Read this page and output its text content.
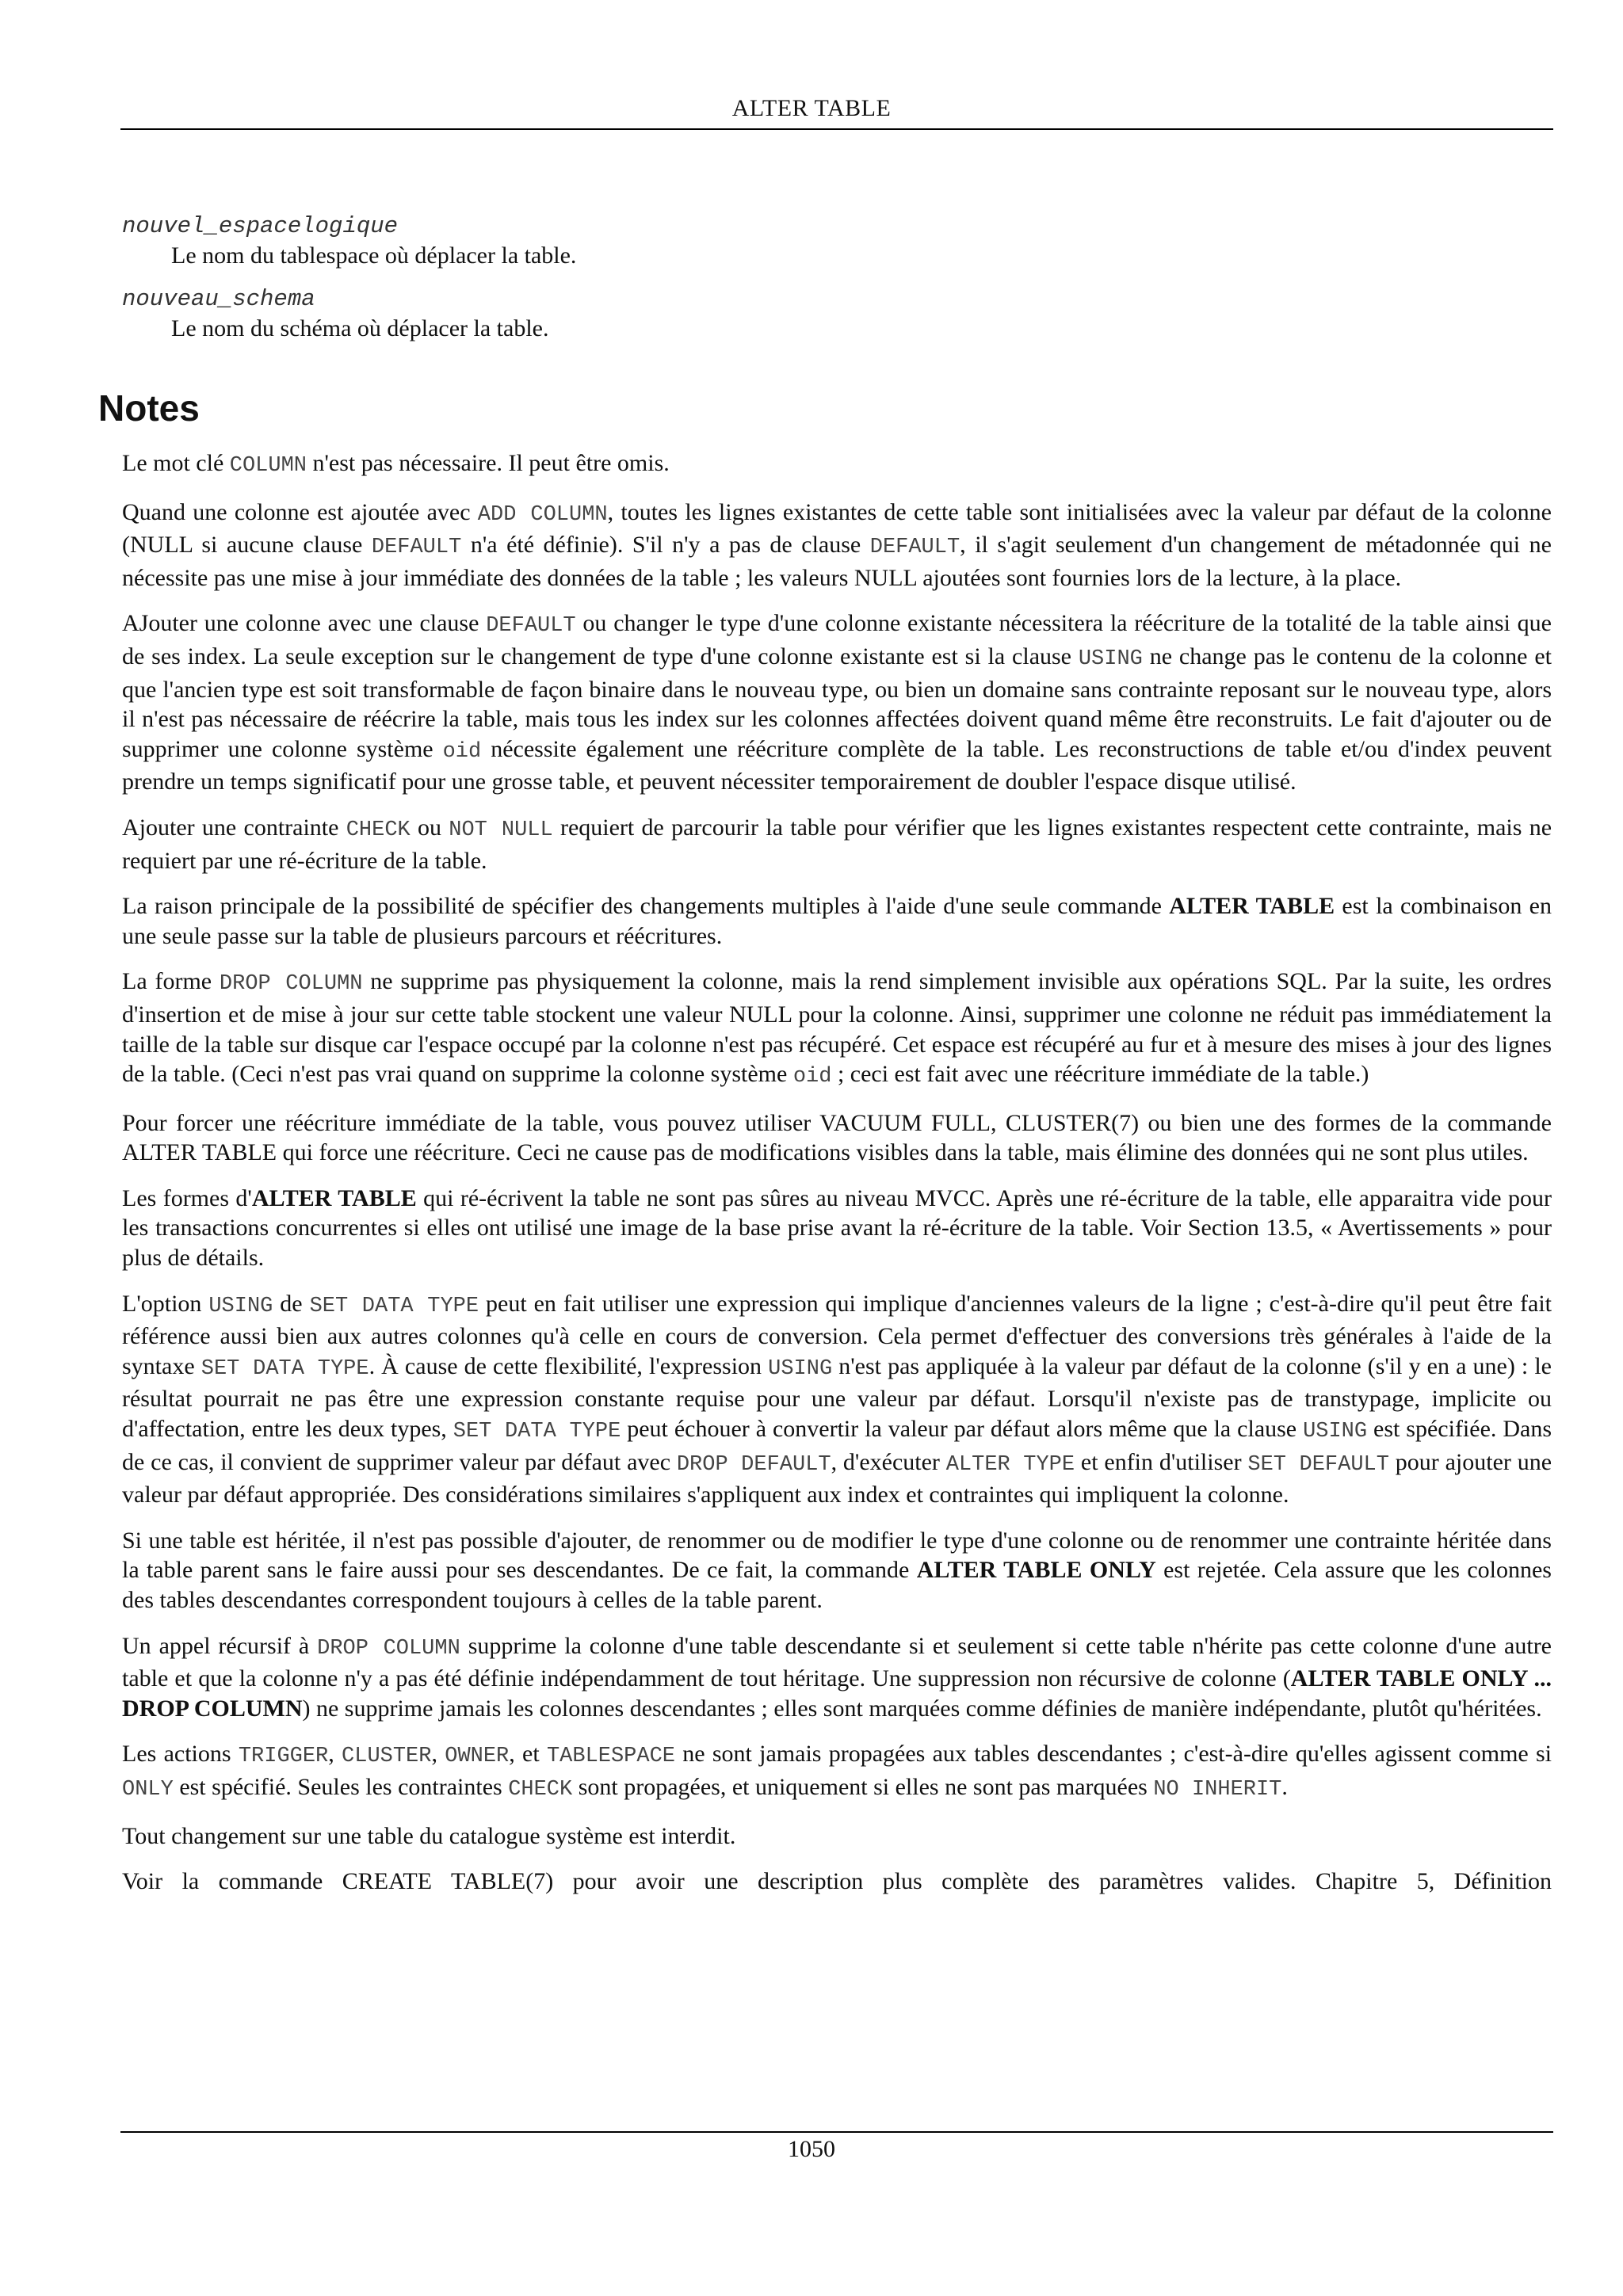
ALTER TABLE
nouvel_espacelogique
Le nom du tablespace où déplacer la table.
nouveau_schema
Le nom du schéma où déplacer la table.
Notes

Le mot clé COLUMN n'est pas nécessaire. Il peut être omis.

Quand une colonne est ajoutée avec ADD COLUMN, toutes les lignes existantes de cette table sont initialisées avec la valeur par défaut de la colonne (NULL si aucune clause DEFAULT n'a été définie). S'il n'y a pas de clause DEFAULT, il s'agit seulement d'un changement de métadonnée qui ne nécessite pas une mise à jour immédiate des données de la table ; les valeurs NULL ajoutées sont fournies lors de la lecture, à la place.

AJouter une colonne avec une clause DEFAULT ou changer le type d'une colonne existante nécessitera la réécriture de la totalité de la table ainsi que de ses index. La seule exception sur le changement de type d'une colonne existante est si la clause USING ne change pas le contenu de la colonne et que l'ancien type est soit transformable de façon binaire dans le nouveau type, ou bien un domaine sans contrainte reposant sur le nouveau type, alors il n'est pas nécessaire de réécrire la table, mais tous les index sur les colonnes affectées doivent quand même être reconstruits. Le fait d'ajouter ou de supprimer une colonne système oid nécessite également une réécriture complète de la table. Les reconstructions de table et/ou d'index peuvent prendre un temps significatif pour une grosse table, et peuvent nécessiter temporairement de doubler l'espace disque utilisé.

Ajouter une contrainte CHECK ou NOT NULL requiert de parcourir la table pour vérifier que les lignes existantes respectent cette contrainte, mais ne requiert par une ré-écriture de la table.

La raison principale de la possibilité de spécifier des changements multiples à l'aide d'une seule commande ALTER TABLE est la combinaison en une seule passe sur la table de plusieurs parcours et réécritures.

La forme DROP COLUMN ne supprime pas physiquement la colonne, mais la rend simplement invisible aux opérations SQL. Par la suite, les ordres d'insertion et de mise à jour sur cette table stockent une valeur NULL pour la colonne. Ainsi, supprimer une colonne ne réduit pas immédiatement la taille de la table sur disque car l'espace occupé par la colonne n'est pas récupéré. Cet espace est récupéré au fur et à mesure des mises à jour des lignes de la table. (Ceci n'est pas vrai quand on supprime la colonne système oid ; ceci est fait avec une réécriture immédiate de la table.)

Pour forcer une réécriture immédiate de la table, vous pouvez utiliser VACUUM FULL, CLUSTER(7) ou bien une des formes de la commande ALTER TABLE qui force une réécriture. Ceci ne cause pas de modifications visibles dans la table, mais élimine des données qui ne sont plus utiles.

Les formes d'ALTER TABLE qui ré-écrivent la table ne sont pas sûres au niveau MVCC. Après une ré-écriture de la table, elle apparaitra vide pour les transactions concurrentes si elles ont utilisé une image de la base prise avant la ré-écriture de la table. Voir Section 13.5, « Avertissements » pour plus de détails.

L'option USING de SET DATA TYPE peut en fait utiliser une expression qui implique d'anciennes valeurs de la ligne ; c'est-à-dire qu'il peut être fait référence aussi bien aux autres colonnes qu'à celle en cours de conversion. Cela permet d'effectuer des conversions très générales à l'aide de la syntaxe SET DATA TYPE. À cause de cette flexibilité, l'expression USING n'est pas appliquée à la valeur par défaut de la colonne (s'il y en a une) : le résultat pourrait ne pas être une expression constante requise pour une valeur par défaut. Lorsqu'il n'existe pas de transtypage, implicite ou d'affectation, entre les deux types, SET DATA TYPE peut échouer à convertir la valeur par défaut alors même que la clause USING est spécifiée. Dans de ce cas, il convient de supprimer valeur par défaut avec DROP DEFAULT, d'exécuter ALTER TYPE et enfin d'utiliser SET DEFAULT pour ajouter une valeur par défaut appropriée. Des considérations similaires s'appliquent aux index et contraintes qui impliquent la colonne.

Si une table est héritée, il n'est pas possible d'ajouter, de renommer ou de modifier le type d'une colonne ou de renommer une contrainte héritée dans la table parent sans le faire aussi pour ses descendantes. De ce fait, la commande ALTER TABLE ONLY est rejetée. Cela assure que les colonnes des tables descendantes correspondent toujours à celles de la table parent.

Un appel récursif à DROP COLUMN supprime la colonne d'une table descendante si et seulement si cette table n'hérite pas cette colonne d'une autre table et que la colonne n'y a pas été définie indépendamment de tout héritage. Une suppression non récursive de colonne (ALTER TABLE ONLY ... DROP COLUMN) ne supprime jamais les colonnes descendantes ; elles sont marquées comme définies de manière indépendante, plutôt qu'héritées.

Les actions TRIGGER, CLUSTER, OWNER, et TABLESPACE ne sont jamais propagées aux tables descendantes ; c'est-à-dire qu'elles agissent comme si ONLY est spécifié. Seules les contraintes CHECK sont propagées, et uniquement si elles ne sont pas marquées NO INHERIT.

Tout changement sur une table du catalogue système est interdit.

Voir la commande CREATE TABLE(7) pour avoir une description plus complète des paramètres valides. Chapitre 5, Définition

1050
